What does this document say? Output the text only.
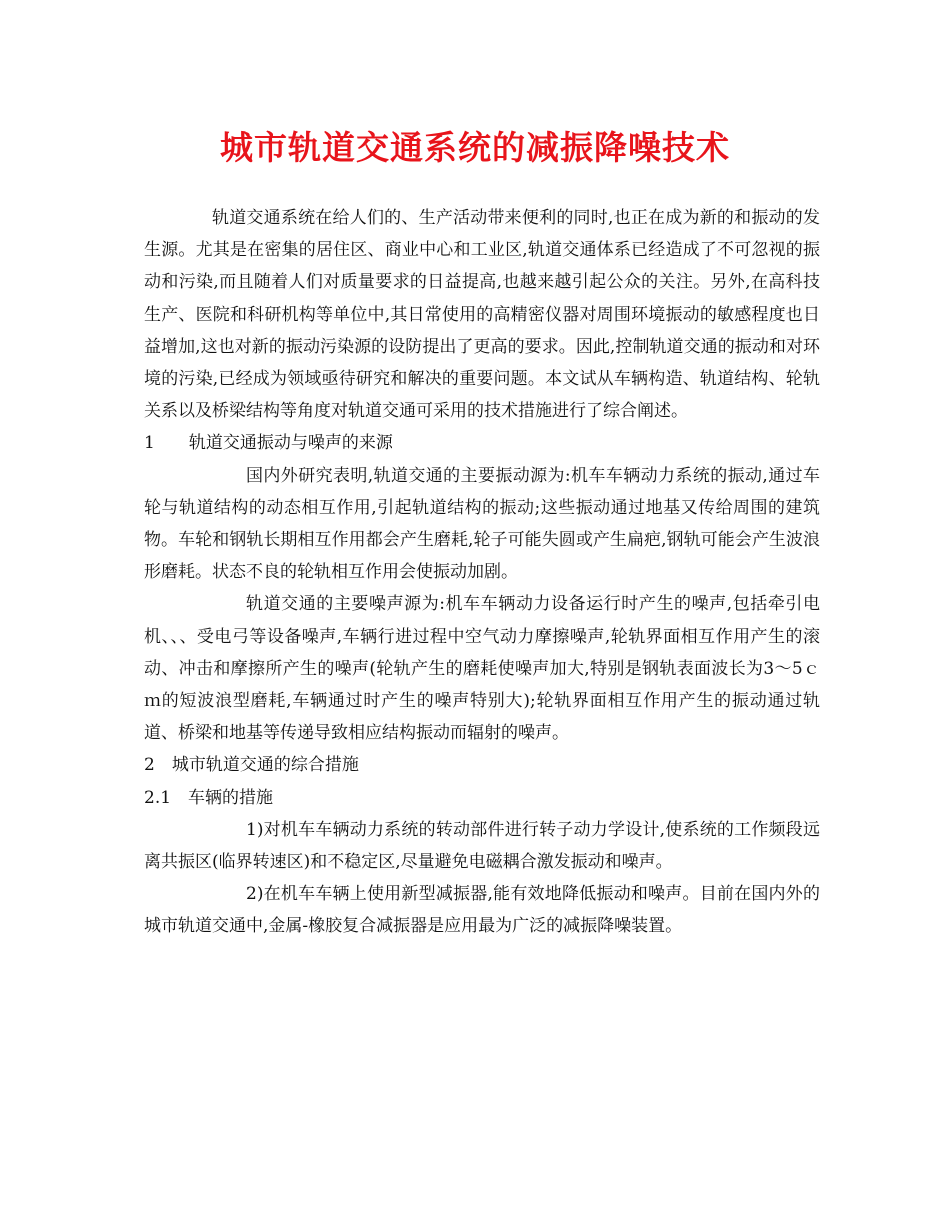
城市轨道交通系统的减振降噪技术

轨道交通系统在给人们的、生产活动带来便利的同时,也正在成为新的和振动的发生源。尤其是在密集的居住区、商业中心和工业区,轨道交通体系已经造成了不可忽视的振动和污染,而且随着人们对质量要求的日益提高,也越来越引起公众的关注。另外,在高科技生产、医院和科研机构等单位中,其日常使用的高精密仪器对周围环境振动的敏感程度也日益增加,这也对新的振动污染源的设防提出了更高的要求。因此,控制轨道交通的振动和对环境的污染,已经成为领域亟待研究和解决的重要问题。本文试从车辆构造、轨道结构、轮轨关系以及桥梁结构等角度对轨道交通可采用的技术措施进行了综合阐述。

1　　轨道交通振动与噪声的来源

国内外研究表明,轨道交通的主要振动源为:机车车辆动力系统的振动,通过车轮与轨道结构的动态相互作用,引起轨道结构的振动;这些振动通过地基又传给周围的建筑物。车轮和钢轨长期相互作用都会产生磨耗,轮子可能失圆或产生扁疤,钢轨可能会产生波浪形磨耗。状态不良的轮轨相互作用会使振动加剧。

轨道交通的主要噪声源为:机车车辆动力设备运行时产生的噪声,包括牵引电机、、、受电弓等设备噪声,车辆行进过程中空气动力摩擦噪声,轮轨界面相互作用产生的滚动、冲击和摩擦所产生的噪声(轮轨产生的磨耗使噪声加大,特别是钢轨表面波长为3～5ｃｍ的短波浪型磨耗,车辆通过时产生的噪声特别大);轮轨界面相互作用产生的振动通过轨道、桥梁和地基等传递导致相应结构振动而辐射的噪声。

2　城市轨道交通的综合措施

2.1　车辆的措施

1)对机车车辆动力系统的转动部件进行转子动力学设计,使系统的工作频段远离共振区(临界转速区)和不稳定区,尽量避免电磁耦合激发振动和噪声。

2)在机车车辆上使用新型减振器,能有效地降低振动和噪声。目前在国内外的城市轨道交通中,金属-橡胶复合减振器是应用最为广泛的减振降噪装置。
